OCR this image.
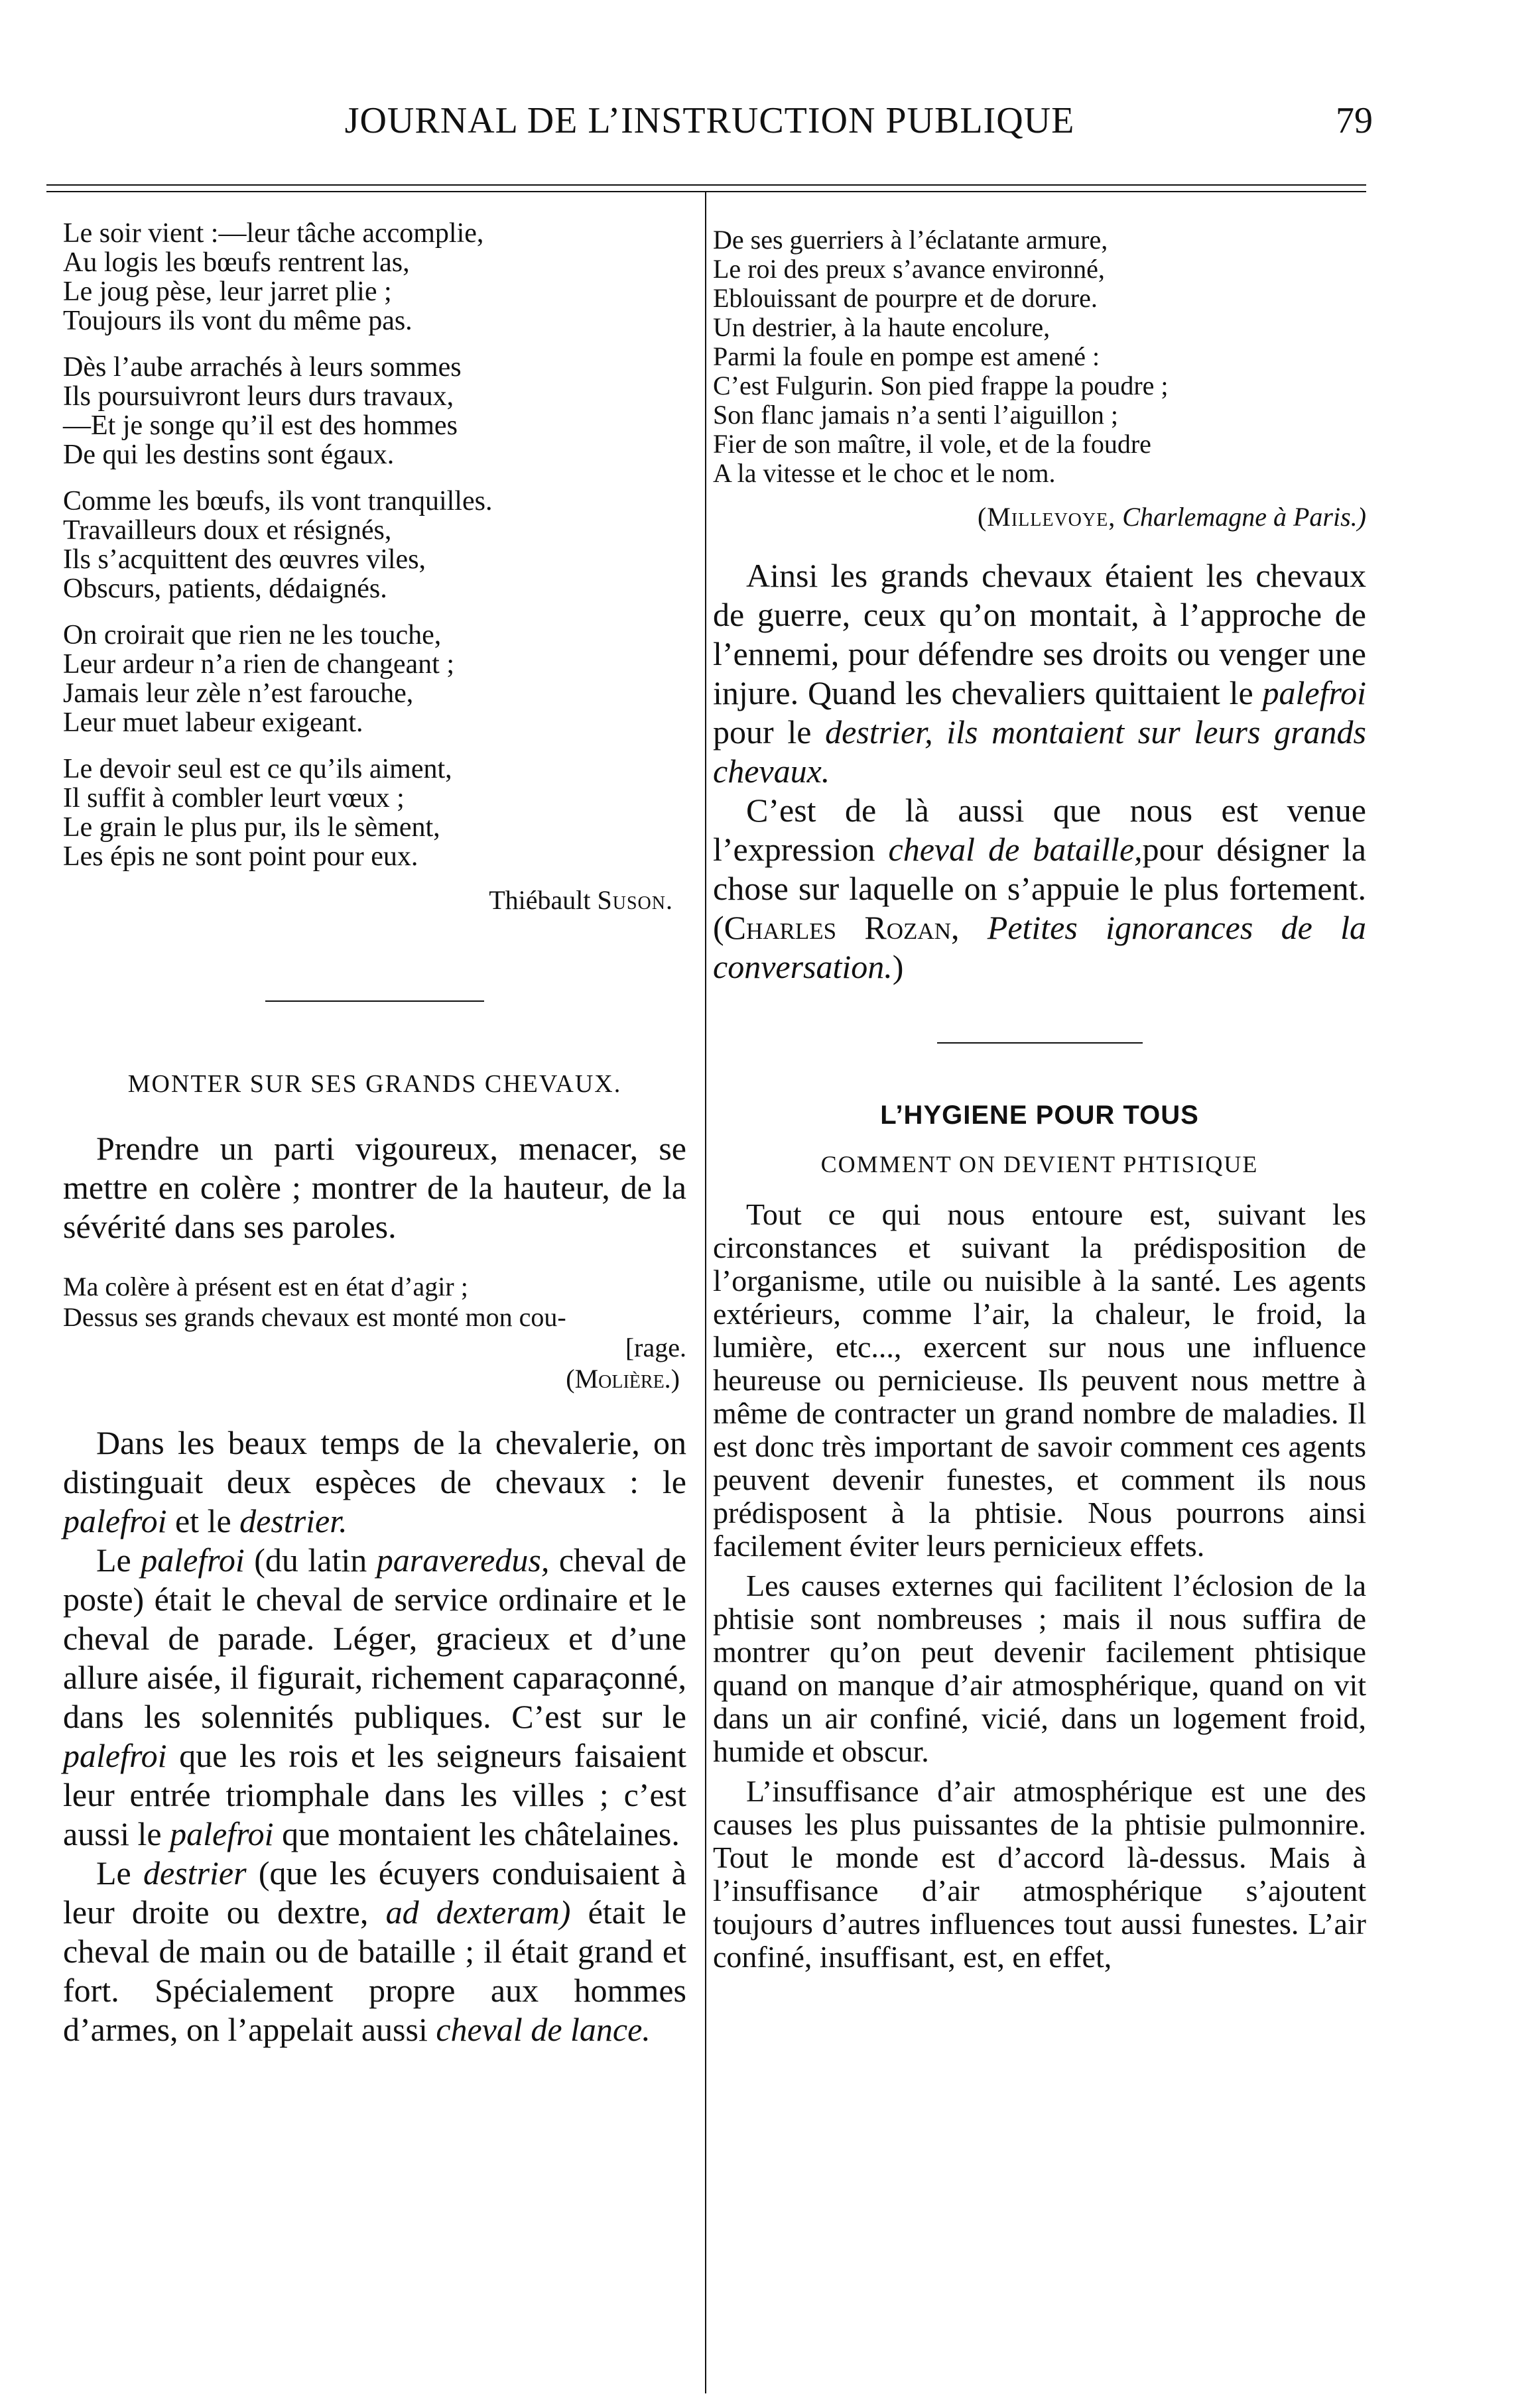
JOURNAL DE L’INSTRUCTION PUBLIQUE	79
Le soir vient :—leur tâche accomplie,
Au logis les bœufs rentrent las,
Le joug pèse, leur jarret plie ;
Toujours ils vont du même pas.
Dès l’aube arrachés à leurs sommes
Ils poursuivront leurs durs travaux,
—Et je songe qu’il est des hommes
De qui les destins sont égaux.
Comme les bœufs, ils vont tranquilles.
Travailleurs doux et résignés,
Ils s’acquittent des œuvres viles,
Obscurs, patients, dédaignés.
On croirait que rien ne les touche,
Leur ardeur n’a rien de changeant ;
Jamais leur zèle n’est farouche,
Leur muet labeur exigeant.
Le devoir seul est ce qu’ils aiment,
Il suffit à combler leurt vœux ;
Le grain le plus pur, ils le sèment,
Les épis ne sont point pour eux.
Thiébault Suson.
MONTER SUR SES GRANDS CHEVAUX.

Prendre un parti vigoureux, menacer, se mettre en colère ; montrer de la hauteur, de la sévérité dans ses paroles.

Ma colère à présent est en état d’agir ;
Dessus ses grands chevaux est monté mon cou-
[rage.
(Molière.)

Dans les beaux temps de la chevalerie, on distinguait deux espèces de chevaux : le palefroi et le destrier.

Le palefroi (du latin paraveredus, cheval de poste) était le cheval de service ordinaire et le cheval de parade. Léger, gracieux et d’une allure aisée, il figurait, richement caparaçonné, dans les solennités publiques. C’est sur le palefroi que les rois et les seigneurs faisaient leur entrée triomphale dans les villes ; c’est aussi le palefroi que montaient les châtelaines.

Le destrier (que les écuyers conduisaient à leur droite ou dextre, ad dexteram) était le cheval de main ou de bataille ; il était grand et fort. Spécialement propre aux hommes d’armes, on l’appelait aussi cheval de lance.

De ses guerriers à l’éclatante armure,
Le roi des preux s’avance environné,
Eblouissant de pourpre et de dorure.
Un destrier, à la haute encolure,
Parmi la foule en pompe est amené :
C’est Fulgurin. Son pied frappe la poudre ;
Son flanc jamais n’a senti l’aiguillon ;
Fier de son maître, il vole, et de la foudre
A la vitesse et le choc et le nom.
(Millevoye, Charlemagne à Paris.)

Ainsi les grands chevaux étaient les chevaux de guerre, ceux qu’on montait, à l’approche de l’ennemi, pour défendre ses droits ou venger une injure. Quand les chevaliers quittaient le palefroi pour le destrier, ils montaient sur leurs grands chevaux.

C’est de là aussi que nous est venue l’expression cheval de bataille,pour désigner la chose sur laquelle on s’appuie le plus fortement. (Charles Rozan, Petites ignorances de la conversation.)

L’HYGIENE POUR TOUS
COMMENT ON DEVIENT PHTISIQUE

Tout ce qui nous entoure est, suivant les circonstances et suivant la prédisposition de l’organisme, utile ou nuisible à la santé. Les agents extérieurs, comme l’air, la chaleur, le froid, la lumière, etc..., exercent sur nous une influence heureuse ou pernicieuse. Ils peuvent nous mettre à même de contracter un grand nombre de maladies. Il est donc très important de savoir comment ces agents peuvent devenir funestes, et comment ils nous prédisposent à la phtisie. Nous pourrons ainsi facilement éviter leurs pernicieux effets.

Les causes externes qui facilitent l’éclosion de la phtisie sont nombreuses ; mais il nous suffira de montrer qu’on peut devenir facilement phtisique quand on manque d’air atmosphérique, quand on vit dans un air confiné, vicié, dans un logement froid, humide et obscur.

L’insuffisance d’air atmosphérique est une des causes les plus puissantes de la phtisie pulmonnire. Tout le monde est d’accord là-dessus. Mais à l’insuffisance d’air atmosphérique s’ajoutent toujours d’autres influences tout aussi funestes. L’air confiné, insuffisant, est, en effet,
